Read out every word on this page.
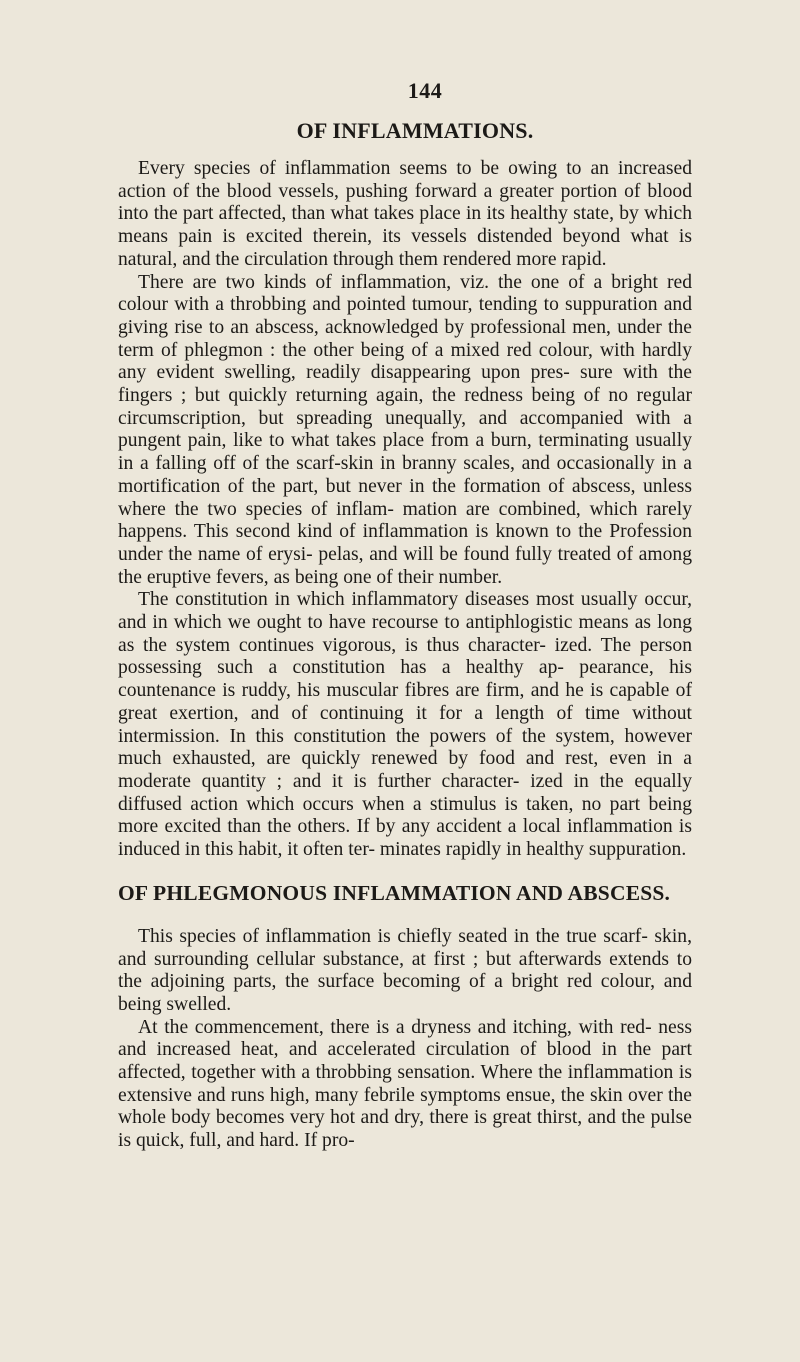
144
OF INFLAMMATIONS.

Every species of inflammation seems to be owing to an increased action of the blood vessels, pushing forward a greater portion of blood into the part affected, than what takes place in its healthy state, by which means pain is excited therein, its vessels distended beyond what is natural, and the circulation through them rendered more rapid.

There are two kinds of inflammation, viz. the one of a bright red colour with a throbbing and pointed tumour, tending to suppuration and giving rise to an abscess, acknowledged by professional men, under the term of phlegmon : the other being of a mixed red colour, with hardly any evident swelling, readily disappearing upon pres- sure with the fingers ; but quickly returning again, the redness being of no regular circumscription, but spreading unequally, and accompanied with a pungent pain, like to what takes place from a burn, terminating usually in a falling off of the scarf-skin in branny scales, and occasionally in a mortification of the part, but never in the formation of abscess, unless where the two species of inflam- mation are combined, which rarely happens. This second kind of inflammation is known to the Profession under the name of erysi- pelas, and will be found fully treated of among the eruptive fevers, as being one of their number.

The constitution in which inflammatory diseases most usually occur, and in which we ought to have recourse to antiphlogistic means as long as the system continues vigorous, is thus character- ized. The person possessing such a constitution has a healthy ap- pearance, his countenance is ruddy, his muscular fibres are firm, and he is capable of great exertion, and of continuing it for a length of time without intermission. In this constitution the powers of the system, however much exhausted, are quickly renewed by food and rest, even in a moderate quantity ; and it is further character- ized in the equally diffused action which occurs when a stimulus is taken, no part being more excited than the others. If by any accident a local inflammation is induced in this habit, it often ter- minates rapidly in healthy suppuration.

OF PHLEGMONOUS INFLAMMATION AND ABSCESS.

This species of inflammation is chiefly seated in the true scarf- skin, and surrounding cellular substance, at first ; but afterwards extends to the adjoining parts, the surface becoming of a bright red colour, and being swelled.

At the commencement, there is a dryness and itching, with red- ness and increased heat, and accelerated circulation of blood in the part affected, together with a throbbing sensation. Where the inflammation is extensive and runs high, many febrile symptoms ensue, the skin over the whole body becomes very hot and dry, there is great thirst, and the pulse is quick, full, and hard. If pro-
